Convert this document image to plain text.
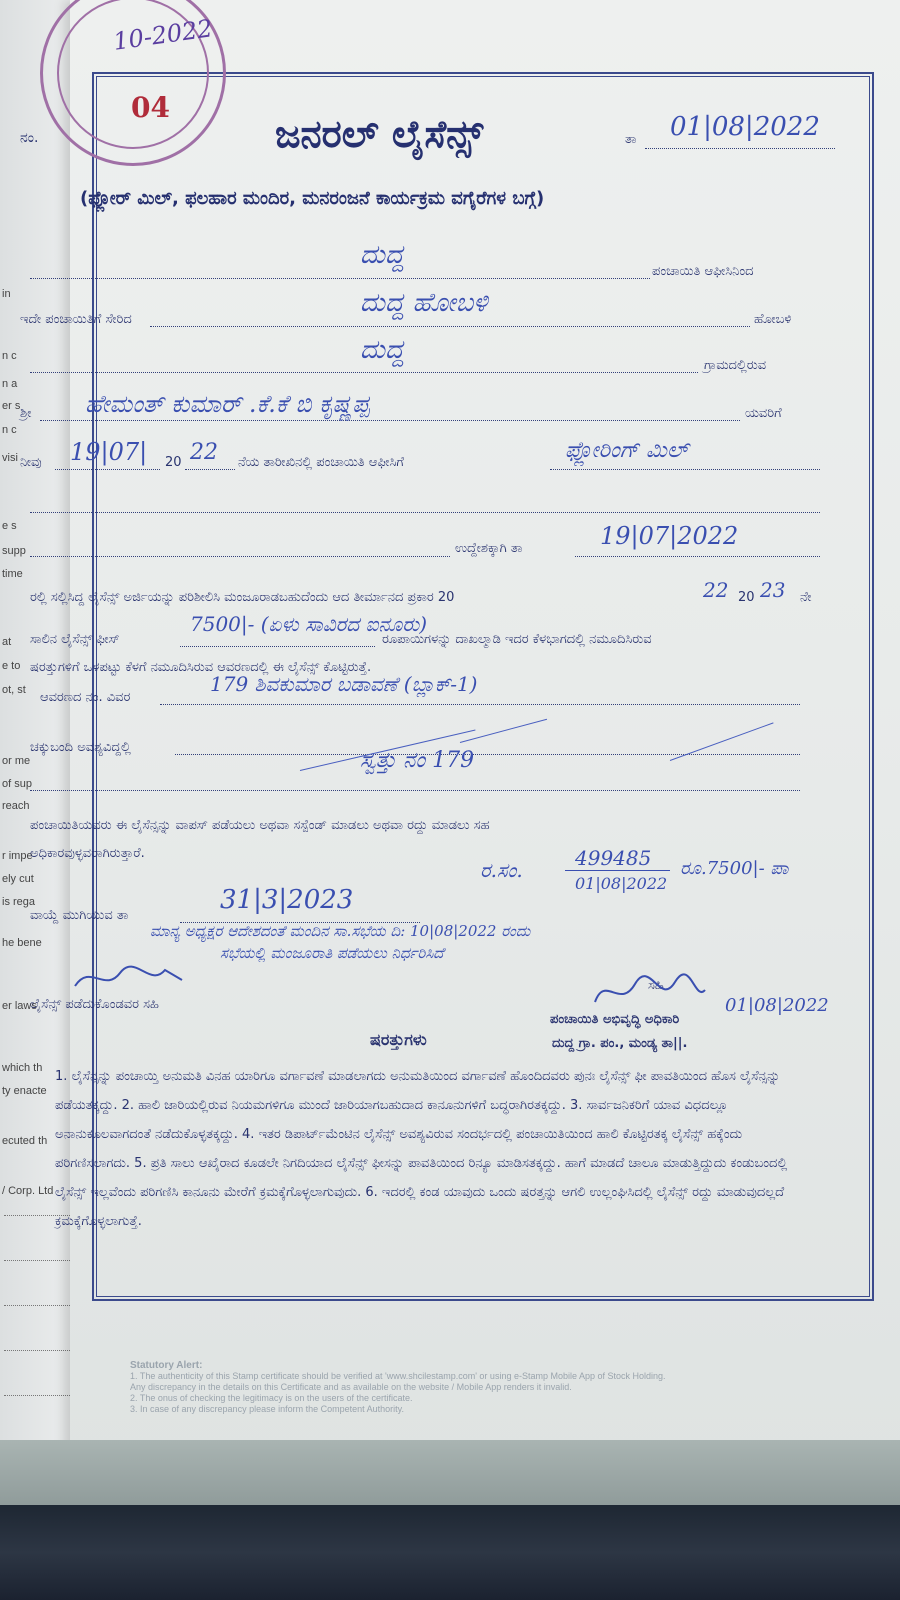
in
n c
n a
er s
n c
visi
e s
supp
time
at
e to
ot, st
or me
of sup
reach
r impe
ely cut
is rega
he bene
er laws
which th
ty enacte
ecuted th
/ Corp. Ltd
10-2022
04
ನಂ.	ಜನರಲ್ ಲೈಸೆನ್ಸ್	ತಾ 01|08|2022
(ಫ್ಲೋರ್ ಮಿಲ್, ಫಲಹಾರ ಮಂದಿರ, ಮನರಂಜನೆ ಕಾರ್ಯಕ್ರಮ ವಗೈರೆಗಳ ಬಗ್ಗೆ)
ದುದ್ದ
ಪಂಚಾಯಿತಿ ಆಫೀಸಿನಿಂದ
ಇದೇ ಪಂಚಾಯಿತಿಗೆ ಸೇರಿದ
ದುದ್ದ ಹೋಬಳಿ
ಹೋಬಳಿ
ದುದ್ದ
ಗ್ರಾಮದಲ್ಲಿರುವ
ಶ್ರೀ ಹೇಮಂತ್ ಕುಮಾರ್ .ಕೆ.ಕೆ ಬಿ ಕೃಷ್ಣಪ್ಪ	ಯವರಿಗೆ
ನೀವು 19|07| 20 22 ನೆಯ ತಾರೀಖಿನಲ್ಲಿ ಪಂಚಾಯಿತಿ ಆಫೀಸಿಗೆ	ಫ್ಲೋರಿಂಗ್ ಮಿಲ್
ಉದ್ದೇಶಕ್ಕಾಗಿ ತಾ	19|07|2022
ರಲ್ಲಿ ಸಲ್ಲಿಸಿದ್ದ ಲೈಸೆನ್ಸ್ ಅರ್ಜಿಯನ್ನು ಪರಿಶೀಲಿಸಿ ಮಂಜೂರಾಡಬಹುದೆಂದು ಆದ ತೀರ್ಮಾನದ ಪ್ರಕಾರ 20	22 20 23 ನೇ
ಸಾಲಿನ ಲೈಸೆನ್ಸ್ ಫೀಸ್
7500|- (ಏಳು ಸಾವಿರದ ಐನೂರು)
ರೂಪಾಯಿಗಳನ್ನು ದಾಖಲ್ಮಾಡಿ ಇದರ ಕೆಳಭಾಗದಲ್ಲಿ ನಮೂದಿಸಿರುವ
ಷರತ್ತುಗಳಿಗೆ ಒಳಪಟ್ಟು ಕೆಳಗೆ ನಮೂದಿಸಿರುವ ಆವರಣದಲ್ಲಿ ಈ ಲೈಸೆನ್ಸ್ ಕೊಟ್ಟಿರುತ್ತೆ.
ಆವರಣದ ನಂ. ವಿವರ
179 ಶಿವಕುಮಾರ ಬಡಾವಣೆ (ಬ್ಲಾಕ್-1)
ಚಕ್ಕುಬಂದಿ ಅವಶ್ಯವಿದ್ದಲ್ಲಿ
ಸ್ವತ್ತು ನಂ 179
ಪಂಚಾಯಿತಿಯವರು ಈ ಲೈಸೆನ್ಸನ್ನು ವಾಪಸ್ ಪಡೆಯಲು ಅಥವಾ ಸಸ್ಪೆಂಡ್ ಮಾಡಲು ಅಥವಾ ರದ್ದು ಮಾಡಲು ಸಹ
ಅಧಿಕಾರವುಳ್ಳವರಾಗಿರುತ್ತಾರೆ.
ರ.ಸಂ.	499485
01|08|2022
ರೂ.7500|- ಪಾ
ವಾಯ್ದೆ ಮುಗಿಯುವ ತಾ
31|3|2023
ಮಾನ್ಯ ಅಧ್ಯಕ್ಷರ ಆದೇಶದಂತೆ ಮಂದಿನ ಸಾ.ಸಭೆಯ ದಿ: 10|08|2022 ರಂದು
ಸಭೆಯಲ್ಲಿ ಮಂಜೂರಾತಿ ಪಡೆಯಲು ನಿರ್ಧರಿಸಿದೆ
ಲೈಸೆನ್ಸ್ ಪಡೆದುಕೊಂಡವರ ಸಹಿ
ಸಹಿ
01|08|2022
ಪಂಚಾಯಿತಿ ಅಭಿವೃದ್ಧಿ ಅಧಿಕಾರಿ
ದುದ್ದ ಗ್ರಾ. ಪಂ., ಮಂಡ್ಯ ತಾ||.
ಷರತ್ತುಗಳು
1. ಲೈಸೆನ್ಸನ್ನು ಪಂಚಾಯ್ತಿ ಅನುಮತಿ ವಿನಹ ಯಾರಿಗೂ ವರ್ಗಾವಣೆ ಮಾಡಲಾಗದು ಅನುಮತಿಯಿಂದ ವರ್ಗಾವಣೆ ಹೊಂದಿದವರು ಪುನಃ ಲೈಸೆನ್ಸ್ ಫೀ ಪಾವತಿಯಿಂದ ಹೊಸ ಲೈಸೆನ್ಸನ್ನು ಪಡೆಯತಕ್ಕದ್ದು. 2. ಹಾಲಿ ಜಾರಿಯಲ್ಲಿರುವ ನಿಯಮಗಳಿಗೂ ಮುಂದೆ ಜಾರಿಯಾಗಬಹುದಾದ ಕಾನೂನುಗಳಿಗೆ ಬದ್ಧರಾಗಿರತಕ್ಕದ್ದು. 3. ಸಾರ್ವಜನಿಕರಿಗೆ ಯಾವ ವಿಧದಲ್ಲೂ ಅನಾನುಕೂಲವಾಗದಂತೆ ನಡೆದುಕೊಳ್ಳತಕ್ಕದ್ದು. 4. ಇತರ ಡಿಪಾರ್ಟ್‌ಮೆಂಟಿನ ಲೈಸೆನ್ಸ್ ಅವಶ್ಯವಿರುವ ಸಂದರ್ಭದಲ್ಲಿ ಪಂಚಾಯಿತಿಯಿಂದ ಹಾಲಿ ಕೊಟ್ಟಿರತಕ್ಕ ಲೈಸೆನ್ಸ್ ಹಕ್ಕೆಂದು ಪರಿಗಣಿಸಲಾಗದು. 5. ಪ್ರತಿ ಸಾಲು ಆಖೈರಾದ ಕೂಡಲೇ ನಿಗದಿಯಾದ ಲೈಸೆನ್ಸ್ ಫೀಸನ್ನು ಪಾವತಿಯಿಂದ ರಿನ್ಯೂ ಮಾಡಿಸತಕ್ಕದ್ದು. ಹಾಗೆ ಮಾಡದೆ ಚಾಲೂ ಮಾಡುತ್ತಿದ್ದುದು ಕಂಡುಬಂದಲ್ಲಿ ಲೈಸೆನ್ಸ್ ಇಲ್ಲವೆಂದು ಪರಿಗಣಿಸಿ ಕಾನೂನು ಮೇರೆಗೆ ಕ್ರಮಕ್ಕೆಗೊಳ್ಳಲಾಗುವುದು. 6. ಇದರಲ್ಲಿ ಕಂಡ ಯಾವುದು ಒಂದು ಷರತ್ತನ್ನು ಆಗಲಿ ಉಲ್ಲಂಘಿಸಿದಲ್ಲಿ ಲೈಸೆನ್ಸ್ ರದ್ದು ಮಾಡುವುದಲ್ಲದೆ ಕ್ರಮಕ್ಕೆಗೊಳ್ಳಲಾಗುತ್ತೆ.
Statutory Alert:
1. The authenticity of this Stamp certificate should be verified at 'www.shcilestamp.com' or using e-Stamp Mobile App of Stock Holding.
Any discrepancy in the details on this Certificate and as available on the website / Mobile App renders it invalid.
2. The onus of checking the legitimacy is on the users of the certificate.
3. In case of any discrepancy please inform the Competent Authority.
